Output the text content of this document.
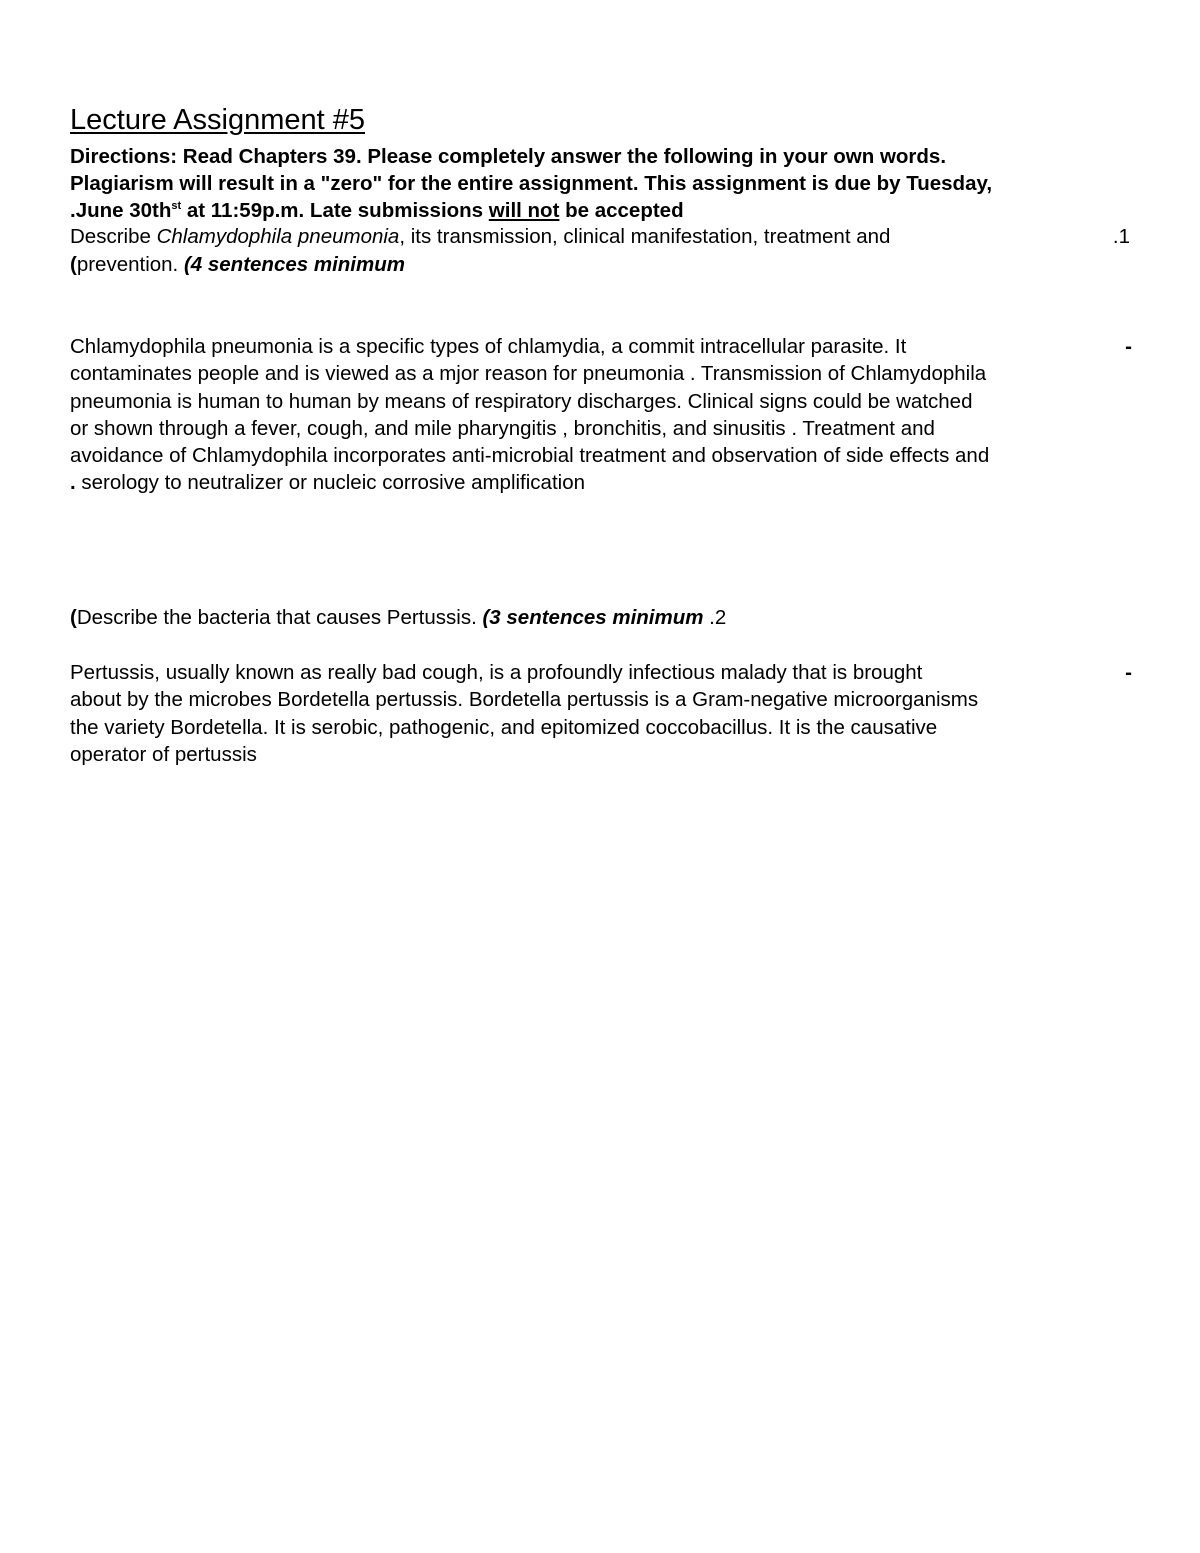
Lecture Assignment #5
Directions: Read Chapters 39. Please completely answer the following in your own words.
Plagiarism will result in a "zero" for the entire assignment. This assignment is due by Tuesday,
.June $30th^{st}$ at 11:59p.m. Late submissions will not be accepted
Describe Chlamydophila pneumonia, its transmission, clinical manifestation, treatment and	.1
(prevention. (4 sentences minimum
Chlamydophila pneumonia is a specific types of chlamydia, a commit intracellular parasite. It	-
contaminates people and is viewed as a mjor reason for pneumonia . Transmission of Chlamydophila
pneumonia is human to human by means of respiratory discharges. Clinical signs could be watched
or shown through a fever, cough, and mile pharyngitis , bronchitis, and sinusitis . Treatment and
avoidance of Chlamydophila incorporates anti-microbial treatment and observation of side effects and
. serology to neutralizer or nucleic corrosive amplification
(Describe the bacteria that causes Pertussis. (3 sentences minimum .2
Pertussis, usually known as really bad cough, is a profoundly infectious malady that is brought	-
about by the microbes Bordetella pertussis. Bordetella pertussis is a Gram-negative microorganisms
the variety Bordetella. It is serobic, pathogenic, and epitomized coccobacillus. It is the causative
operator of pertussis
